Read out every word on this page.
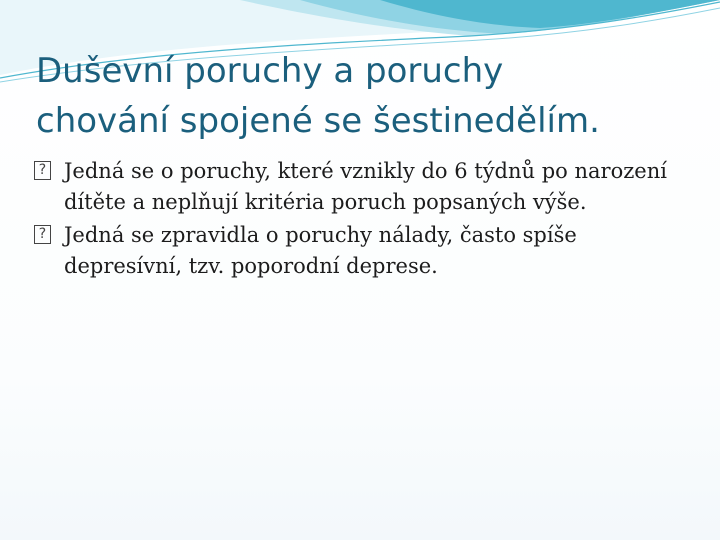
Duševní poruchy a poruchy
chování spojené se šestinedělím.
? Jedná se o poruchy, které vznikly do 6 týdnů po narození dítěte a neplňují kritéria poruch popsaných výše.
? Jedná se zpravidla o poruchy nálady, často spíše depresívní, tzv. poporodní deprese.
